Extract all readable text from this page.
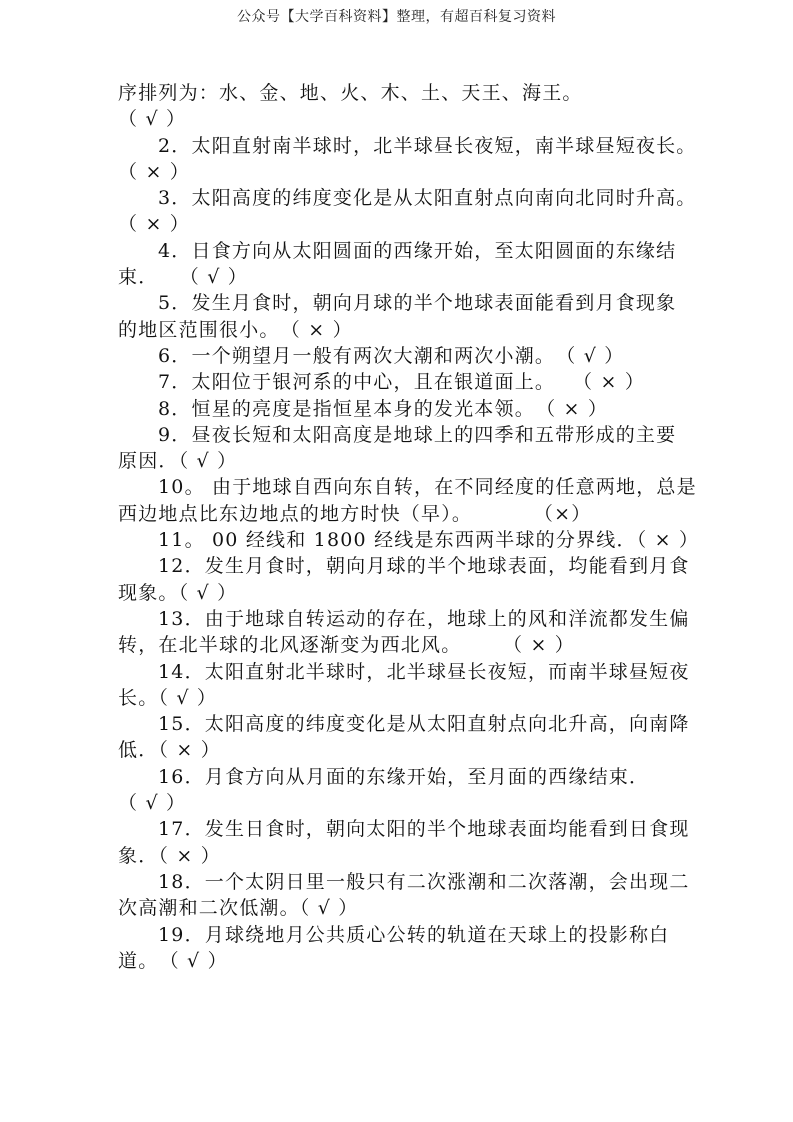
公众号【大学百科资料】整理，有超百科复习资料
序排列为：水、金、地、火、木、土、天王、海王。
（ √ ）
2．太阳直射南半球时，北半球昼长夜短，南半球昼短夜长。
（ × ）
3．太阳高度的纬度变化是从太阳直射点向南向北同时升高。
（ × ）
4．日食方向从太阳圆面的西缘开始，至太阳圆面的东缘结
束．　　（ √ ）
5．发生月食时，朝向月球的半个地球表面能看到月食现象
的地区范围很小。　（ × ）
6．一个朔望月一般有两次大潮和两次小潮。　（ √ ）
7．太阳位于银河系的中心，且在银道面上。　 （ × ）
8．恒星的亮度是指恒星本身的发光本领。　（ × ）
9．昼夜长短和太阳高度是地球上的四季和五带形成的主要
原因．（ √ ）
10。 由于地球自西向东自转，在不同经度的任意两地，总是
西边地点比东边地点的地方时快（早）。　　　　（×）
11。 00 经线和 1800 经线是东西两半球的分界线．（ × ）
12．发生月食时，朝向月球的半个地球表面，均能看到月食
现象。（ √ ）
13．由于地球自转运动的存在，地球上的风和洋流都发生偏
转，在北半球的北风逐渐变为西北风。　　　（ × ）
14．太阳直射北半球时，北半球昼长夜短，而南半球昼短夜
长。（ √ ）
15．太阳高度的纬度变化是从太阳直射点向北升高，向南降
低．（ × ）
16．月食方向从月面的东缘开始，至月面的西缘结束．
（ √ ）
17．发生日食时，朝向太阳的半个地球表面均能看到日食现
象．（ × ）
18．一个太阴日里一般只有二次涨潮和二次落潮，会出现二
次高潮和二次低潮。（ √ ）
19．月球绕地月公共质心公转的轨道在天球上的投影称白
道。　（ √ ）
